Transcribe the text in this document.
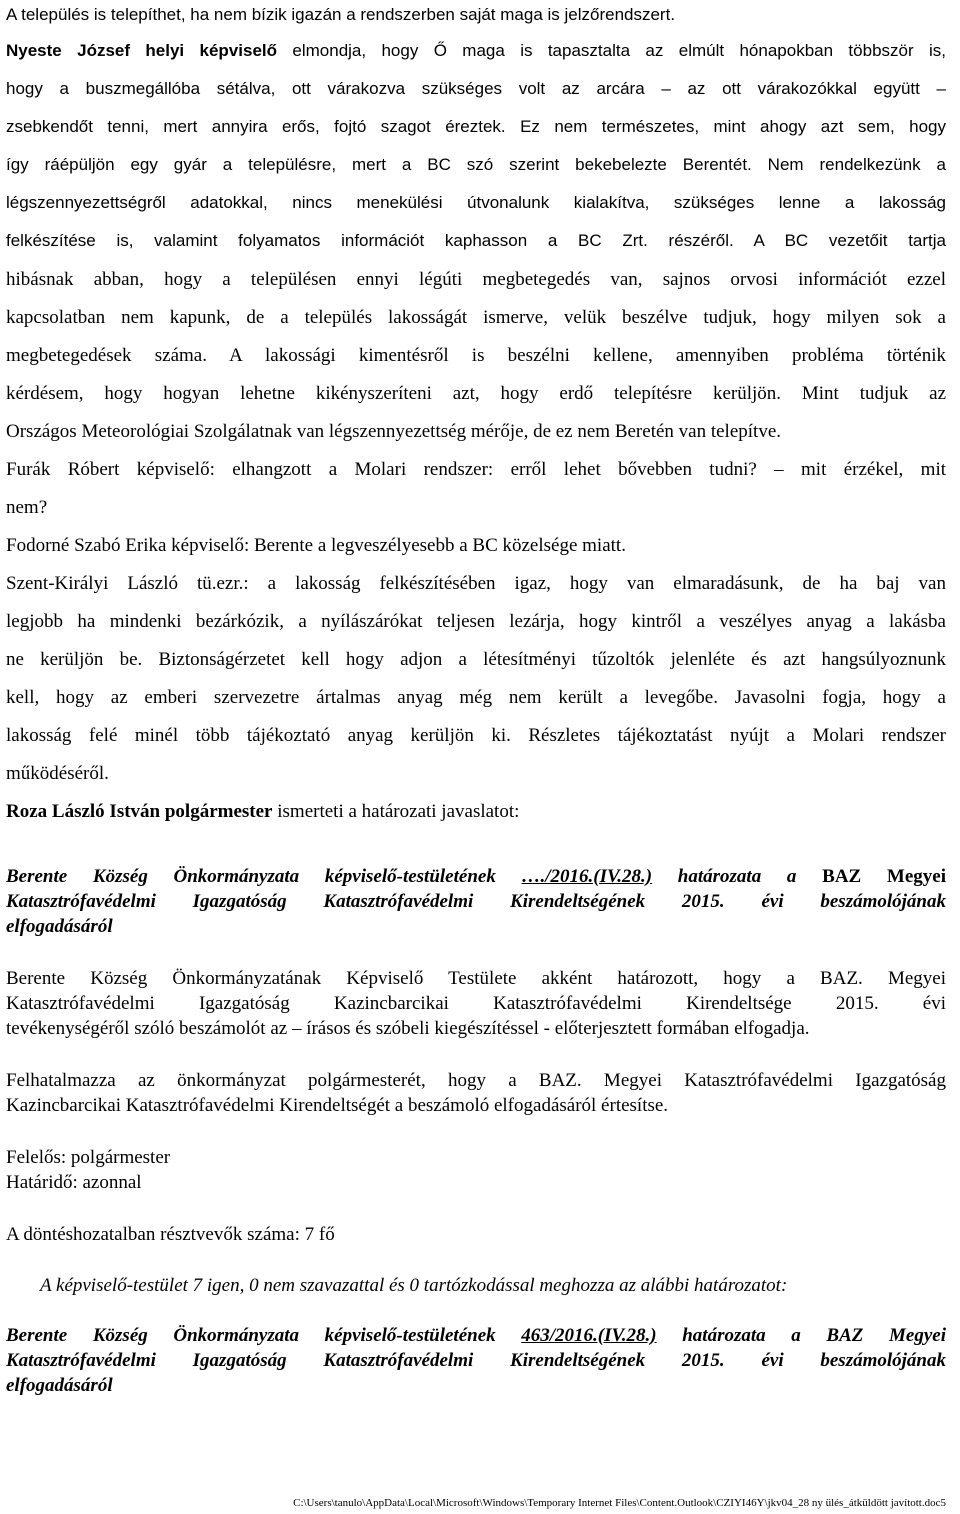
A település is telepíthet, ha nem bízik igazán a rendszerben saját maga is jelzőrendszert.
Nyeste József helyi képviselő elmondja, hogy Ő maga is tapasztalta az elmúlt hónapokban többször is,
hogy a buszmegállóba sétálva, ott várakozva szükséges volt az arcára – az ott várakozókkal együtt –
zsebkendőt tenni, mert annyira erős, fojtó szagot éreztek. Ez nem természetes, mint ahogy azt sem, hogy
így ráépüljön egy gyár a településre, mert a BC szó szerint bekebelezte Berentét. Nem rendelkezünk a
légszennyezettségről adatokkal, nincs menekülési útvonalunk kialakítva, szükséges lenne a lakosság
felkészítése is, valamint folyamatos információt kaphasson a BC Zrt. részéről. A BC vezetőit tartja
hibásnak abban, hogy a településen ennyi légúti megbetegedés van, sajnos orvosi információt ezzel
kapcsolatban nem kapunk, de a település lakosságát ismerve, velük beszélve tudjuk, hogy milyen sok a
megbetegedések száma. A lakossági kimentésről is beszélni kellene, amennyiben probléma történik
kérdésem, hogy hogyan lehetne kikényszeríteni azt, hogy erdő telepítésre kerüljön. Mint tudjuk az
Országos Meteorológiai Szolgálatnak van légszennyezettség mérője, de ez nem Beretén van telepítve.
Furák Róbert képviselő: elhangzott a Molari rendszer: erről lehet bővebben tudni? – mit érzékel, mit
nem?
Fodorné Szabó Erika képviselő: Berente a legveszélyesebb a BC közelsége miatt.
Szent-Királyi László tü.ezr.: a lakosság felkészítésében igaz, hogy van elmaradásunk, de ha baj van
legjobb ha mindenki bezárkózik, a nyílászárókat teljesen lezárja, hogy kintről a veszélyes anyag a lakásba
ne kerüljön be. Biztonságérzetet kell hogy adjon a létesítményi tűzoltók jelenléte és azt hangsúlyoznunk
kell, hogy az emberi szervezetre ártalmas anyag még nem került a levegőbe. Javasolni fogja, hogy a
lakosság felé minél több tájékoztató anyag kerüljön ki. Részletes tájékoztatást nyújt a Molari rendszer
működéséről.
Roza László István polgármester ismerteti a határozati javaslatot:
Berente Község Önkormányzata képviselő-testületének …./2016.(IV.28.) határozata a BAZ Megyei
Katasztrófavédelmi Igazgatóság Katasztrófavédelmi Kirendeltségének 2015. évi beszámolójának
elfogadásáról
Berente Község Önkormányzatának Képviselő Testülete akként határozott, hogy a BAZ. Megyei
Katasztrófavédelmi Igazgatóság Kazincbarcikai Katasztrófavédelmi Kirendeltsége 2015. évi
tevékenységéről szóló beszámolót az – írásos és szóbeli kiegészítéssel - előterjesztett formában elfogadja.
Felhatalmazza az önkormányzat polgármesterét, hogy a BAZ. Megyei Katasztrófavédelmi Igazgatóság
Kazincbarcikai Katasztrófavédelmi Kirendeltségét a beszámoló elfogadásáról értesítse.
Felelős: polgármester
Határidő: azonnal
A döntéshozatalban résztvevők száma: 7 fő
A képviselő-testület 7 igen, 0 nem szavazattal és 0 tartózkodással meghozza az alábbi határozatot:
Berente Község Önkormányzata képviselő-testületének 463/2016.(IV.28.) határozata a BAZ Megyei
Katasztrófavédelmi Igazgatóság Katasztrófavédelmi Kirendeltségének 2015. évi beszámolójának
elfogadásáról
C:\Users\tanulo\AppData\Local\Microsoft\Windows\Temporary Internet Files\Content.Outlook\CZIYI46Y\jkv04_28 ny ülés_átküldött javított.doc5
